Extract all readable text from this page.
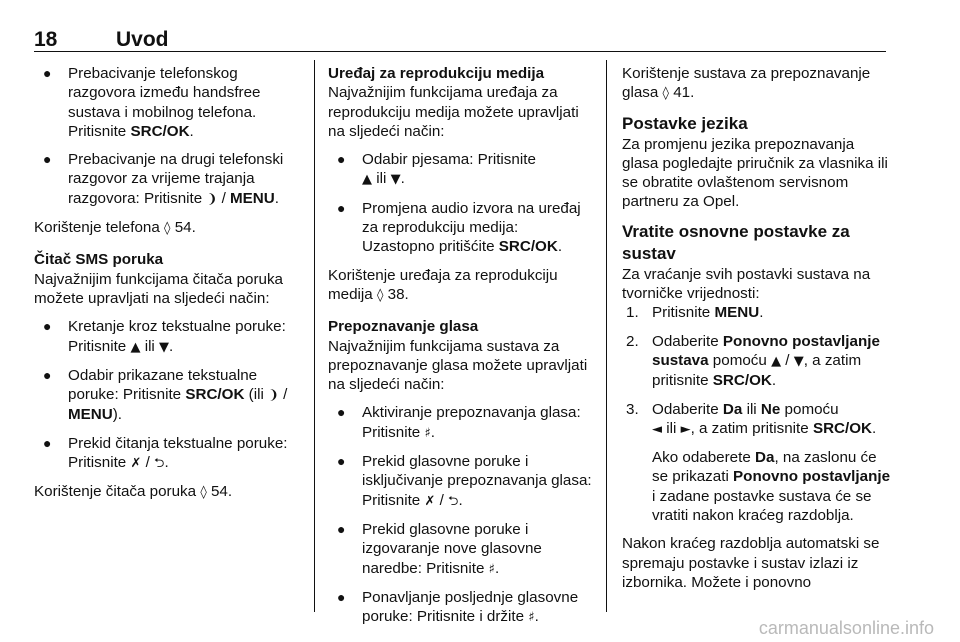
18	Uvod
● Prebacivanje telefonskog razgovora između handsfree sustava i mobilnog telefona. Pritisnite SRC/OK.
● Prebacivanje na drugi telefonski razgovor za vrijeme trajanja razgovora: Pritisnite ❩ / MENU.

Korištenje telefona ◊ 54.

Čitač SMS poruka

Najvažnijim funkcijama čitača poruka možete upravljati na sljedeći način:

● Kretanje kroz tekstualne poruke: Pritisnite ▲ ili ▼.
● Odabir prikazane tekstualne poruke: Pritisnite SRC/OK (ili ❩ / MENU).
● Prekid čitanja tekstualne poruke: Pritisnite ✗ / ⮌.

Korištenje čitača poruka ◊ 54.

Uređaj za reprodukciju medija

Najvažnijim funkcijama uređaja za reprodukciju medija možete upravljati na sljedeći način:

● Odabir pjesama: Pritisnite
▲ ili ▼.
● Promjena audio izvora na uređaj za reprodukciju medija: Uzastopno pritišćite SRC/OK.

Korištenje uređaja za reprodukciju medija ◊ 38.

Prepoznavanje glasa

Najvažnijim funkcijama sustava za prepoznavanje glasa možete upravljati na sljedeći način:

● Aktiviranje prepoznavanja glasa: Pritisnite ♯.
● Prekid glasovne poruke i isključivanje prepoznavanja glasa: Pritisnite ✗ / ⮌.
● Prekid glasovne poruke i izgovaranje nove glasovne naredbe: Pritisnite ♯.
● Ponavljanje posljednje glasovne poruke: Pritisnite i držite ♯.

Korištenje sustava za prepoznavanje glasa ◊ 41.

Postavke jezika

Za promjenu jezika prepoznavanja glasa pogledajte priručnik za vlasnika ili se obratite ovlaštenom servisnom partneru za Opel.

Vratite osnovne postavke za sustav

Za vraćanje svih postavki sustava na tvorničke vrijednosti:

1. Pritisnite MENU.
2. Odaberite Ponovno postavljanje sustava pomoću ▲ / ▼, a zatim pritisnite SRC/OK.
3. Odaberite Da ili Ne pomoću
◄ ili ►, a zatim pritisnite SRC/OK.
Ako odaberete Da, na zaslonu će se prikazati Ponovno postavljanje i zadane postavke sustava će se vratiti nakon kraćeg razdoblja.

Nakon kraćeg razdoblja automatski se spremaju postavke i sustav izlazi iz izbornika. Možete i ponovno

carmanualsonline.info
